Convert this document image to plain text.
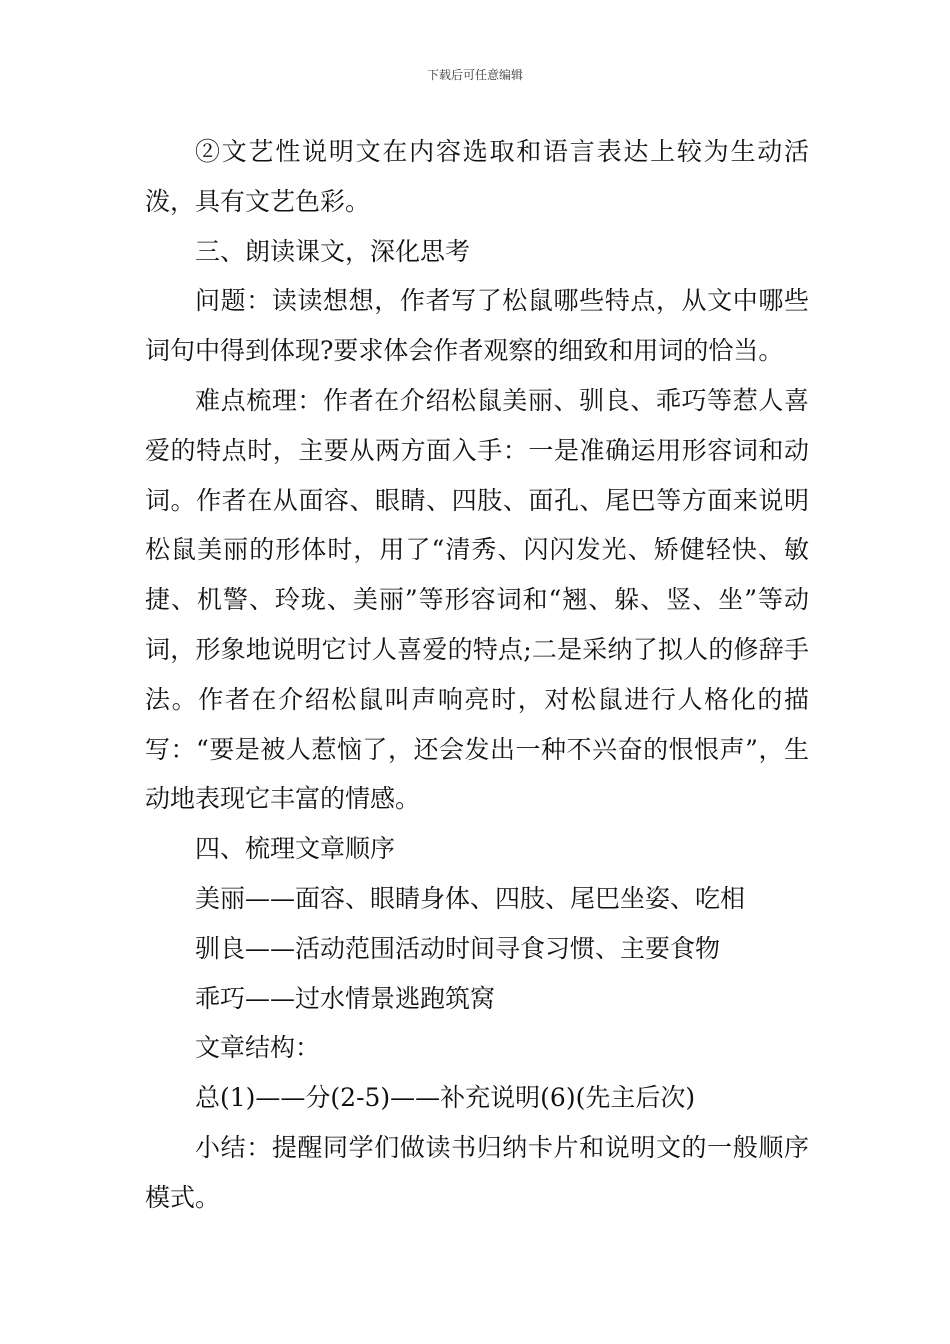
下载后可任意编辑

②文艺性说明文在内容选取和语言表达上较为生动活泼，具有文艺色彩。

三、朗读课文，深化思考

问题：读读想想，作者写了松鼠哪些特点，从文中哪些词句中得到体现?要求体会作者观察的细致和用词的恰当。

难点梳理：作者在介绍松鼠美丽、驯良、乖巧等惹人喜爱的特点时，主要从两方面入手：一是准确运用形容词和动词。作者在从面容、眼睛、四肢、面孔、尾巴等方面来说明松鼠美丽的形体时，用了“清秀、闪闪发光、矫健轻快、敏捷、机警、玲珑、美丽”等形容词和“翘、躲、竖、坐”等动词，形象地说明它讨人喜爱的特点;二是采纳了拟人的修辞手法。作者在介绍松鼠叫声响亮时，对松鼠进行人格化的描写：“要是被人惹恼了，还会发出一种不兴奋的恨恨声”，生动地表现它丰富的情感。

四、梳理文章顺序

美丽——面容、眼睛身体、四肢、尾巴坐姿、吃相

驯良——活动范围活动时间寻食习惯、主要食物

乖巧——过水情景逃跑筑窝

文章结构：

总(1)——分(2-5)——补充说明(6)(先主后次)

小结：提醒同学们做读书归纳卡片和说明文的一般顺序模式。
